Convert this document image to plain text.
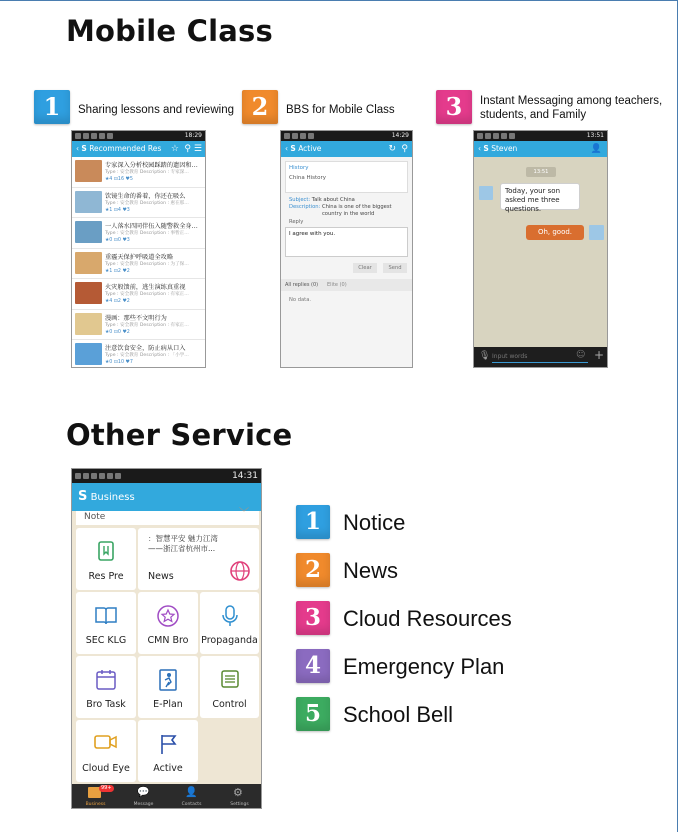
Mobile Class
1	Sharing lessons and reviewing 2	BBS for Mobile Class	3	Instant Messaging among teachers, students, and Family
18:29
‹ S Recommended Res ☆ ⚲ ☰
专家深入分析校园踩踏的遗因和…
Type : 安全教育 Description : 专家深…
★4 ⊡16 ♥5
饮镜生命的番着，你还在吸么
Type : 安全教育 Description : 惠在那…
★1 ⊡4 ♥3
一人落水四同伴伍入随警救全身…
Type : 安全教育 Description : 事暂正…
★0 ⊡0 ♥3
重霾天保护呼吸道全攻略
Type : 安全教育 Description : 为了保…
★1 ⊡2 ♥2
火灾般馈前，逃生演练真重视
Type : 安全教育 Description : 有家正…
★4 ⊡2 ♥2
漫画：那些不文明行为
Type : 安全教育 Description : 有家正…
★0 ⊡0 ♥2
注意饮食安全，防止病从口入
Type : 安全教育 Description : 「小学…
★0 ⊡10 ♥7
14:29
‹ S Active	↻ ⚲
History
China History
Subject: Talk about China
Description:
China is one of the biggest country in the world
Reply
I agree with you.
Clear	Send
All replies (0) Elite (0)
No data.
13:51
‹ S Steven	👤
13:51
Today, your son asked me three questions.
Oh, good.
🎙 Input words	☺ +
Other Service
14:31
S Business
Note	﹀
Res Pre
：智慧平安 魅力江湾——浙江省杭州市...
News
SEC KLG	CMN Bro	Propaganda
Bro Task	E-Plan	Control
Cloud Eye	Active
99+
Business
💬
Message
👤
Contacts
⚙
Settings
1	Notice
2	News
3	Cloud Resources
4	Emergency Plan
5	School Bell
